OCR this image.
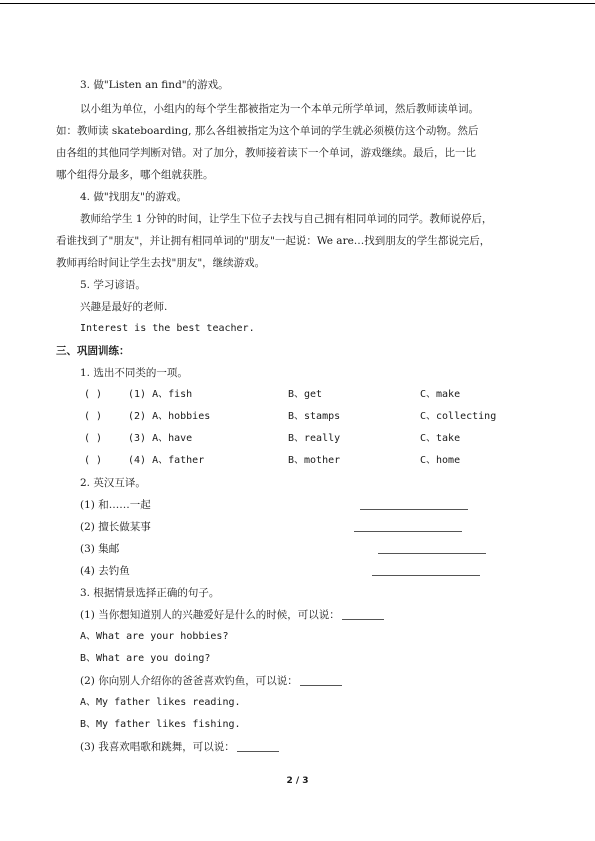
3. 做"Listen an find"的游戏。
以小组为单位，小组内的每个学生都被指定为一个本单元所学单词，然后教师读单词。
如：教师读 skateboarding, 那么各组被指定为这个单词的学生就必须模仿这个动物。然后
由各组的其他同学判断对错。对了加分，教师接着读下一个单词，游戏继续。最后，比一比
哪个组得分最多，哪个组就获胜。
4. 做"找朋友"的游戏。
教师给学生 1 分钟的时间，让学生下位子去找与自己拥有相同单词的同学。教师说停后，
看谁找到了"朋友"，并让拥有相同单词的"朋友"一起说：We are…找到朋友的学生都说完后，
教师再给时间让学生去找"朋友"，继续游戏。
5. 学习谚语。
兴趣是最好的老师.
Interest is the best teacher.
三、巩固训练：
1. 选出不同类的一项。
( )	(1) A、fish	B、get	C、make
( )	(2) A、hobbies	B、stamps	C、collecting
( )	(3) A、have	B、really	C、take
( )	(4) A、father	B、mother	C、home
2. 英汉互译。
(1) 和……一起
(2) 擅长做某事
(3) 集邮
(4) 去钓鱼
3. 根据情景选择正确的句子。
(1) 当你想知道别人的兴趣爱好是什么的时候，可以说：
A、What are your hobbies?
B、What are you doing?
(2) 你向别人介绍你的爸爸喜欢钓鱼，可以说：
A、My father likes reading.
B、My father likes fishing.
(3) 我喜欢唱歌和跳舞，可以说：
2 / 3
